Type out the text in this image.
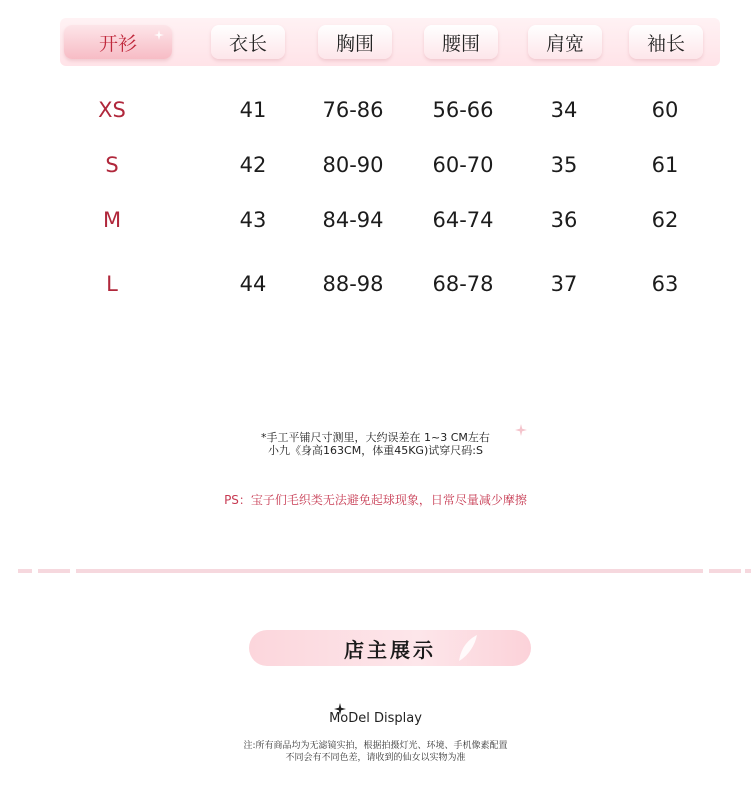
开衫	衣长	胸围	腰围	肩宽	袖长
XS	41	76-86	56-66	34	60
S	42	80-90	60-70	35	61
M	43	84-94	64-74	36	62
L	44	88-98	68-78	37	63
*手工平铺尺寸测里，大约误差在 1~3 CM左右
小九《身高163CM，体重45KG)试穿尺码:S
PS：宝子们毛织类无法避免起球现象，日常尽量减少摩擦
店主展示
MoDel Display
注:所有商品均为无滤镜实拍，根据拍摄灯光、环境、手机像素配置
不同会有不同色差，请收到的仙女以实物为准
